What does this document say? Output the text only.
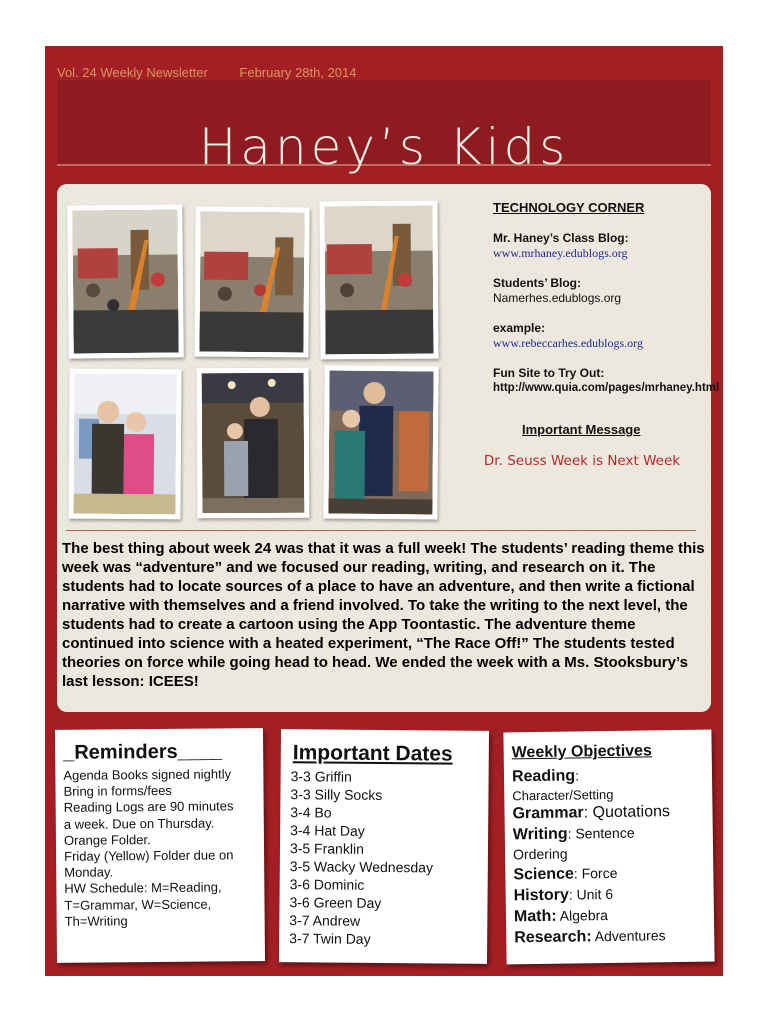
Vol. 24 Weekly Newsletter February 28th, 2014
Haney’s Kids
TECHNOLOGY CORNER
Mr. Haney’s Class Blog:
www.mrhaney.edublogs.org
Students’ Blog:
Namerhes.edublogs.org
example:
www.rebeccarhes.edublogs.org
Fun Site to Try Out:
http://www.quia.com/pages/mrhaney.html
Important Message
Dr. Seuss Week is Next Week
The best thing about week 24 was that it was a full week! The students’ reading theme this week was “adventure” and we focused our reading, writing, and research on it. The students had to locate sources of a place to have an adventure, and then write a fictional narrative with themselves and a friend involved. To take the writing to the next level, the students had to create a cartoon using the App Toontastic. The adventure theme continued into science with a heated experiment, “The Race Off!” The students tested theories on force while going head to head. We ended the week with a Ms. Stooksbury’s last lesson: ICEES!
_Reminders____
Agenda Books signed nightly
Bring in forms/fees
Reading Logs are 90 minutes
a week. Due on Thursday.
Orange Folder.
Friday (Yellow) Folder due on
Monday.
HW Schedule: M=Reading,
T=Grammar, W=Science,
Th=Writing
Important Dates
3-3 Griffin
3-3 Silly Socks
3-4 Bo
3-4 Hat Day
3-5 Franklin
3-5 Wacky Wednesday
3-6 Dominic
3-6 Green Day
3-7 Andrew
3-7 Twin Day
Weekly Objectives
Reading:
Character/Setting
Grammar: Quotations
Writing: Sentence
Ordering
Science: Force
History: Unit 6
Math: Algebra
Research: Adventures
